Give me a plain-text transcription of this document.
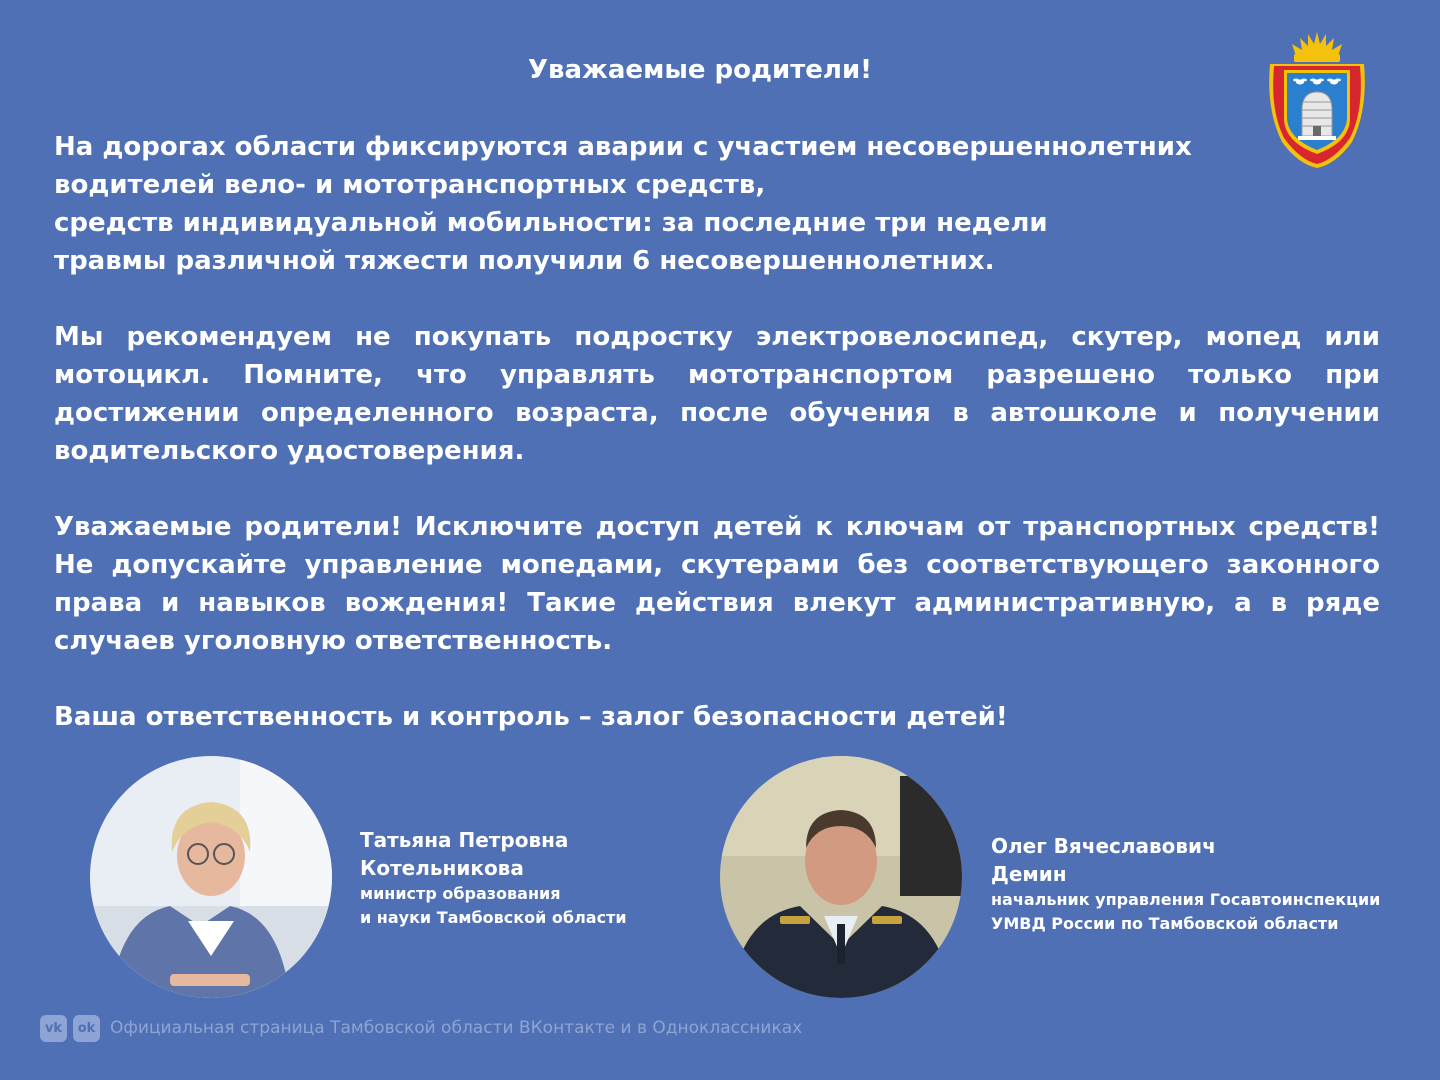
Уважаемые родители!
На дорогах области фиксируются аварии с участием несовершеннолетних
водителей вело- и мототранспортных средств,
средств индивидуальной мобильности: за последние три недели
травмы различной тяжести получили 6 несовершеннолетних.
Мы рекомендуем не покупать подростку электровелосипед, скутер, мопед или мотоцикл. Помните, что управлять мототранспортом разрешено только при достижении определенного возраста, после обучения в автошколе и получении водительского удостоверения.
Уважаемые родители! Исключите доступ детей к ключам от транспортных средств! Не допускайте управление мопедами, скутерами без соответствующего законного права и навыков вождения! Такие действия влекут административную, а в ряде случаев уголовную ответственность.
Ваша ответственность и контроль – залог безопасности детей!
Татьяна Петровна
Котельникова
министр образования
и науки Тамбовской области
Олег Вячеславович
Демин
начальник управления Госавтоинспекции
УМВД России по Тамбовской области
vk	ok Официальная страница Тамбовской области ВКонтакте и в Одноклассниках
